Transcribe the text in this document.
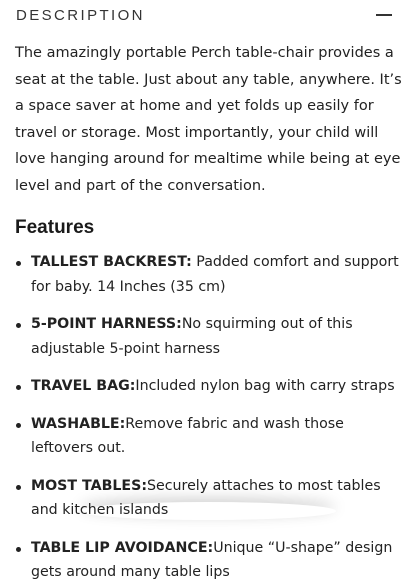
DESCRIPTION

The amazingly portable Perch table-chair provides a seat at the table. Just about any table, anywhere. It’s a space saver at home and yet folds up easily for travel or storage. Most importantly, your child will love hanging around for mealtime while being at eye level and part of the conversation.

Features
TALLEST BACKREST: Padded comfort and support for baby. 14 Inches (35 cm)
5-POINT HARNESS:No squirming out of this adjustable 5-point harness
TRAVEL BAG:Included nylon bag with carry straps
WASHABLE:Remove fabric and wash those leftovers out.
MOST TABLES:Securely attaches to most tables and kitchen islands
TABLE LIP AVOIDANCE:Unique “U-shape” design gets around many table lips
